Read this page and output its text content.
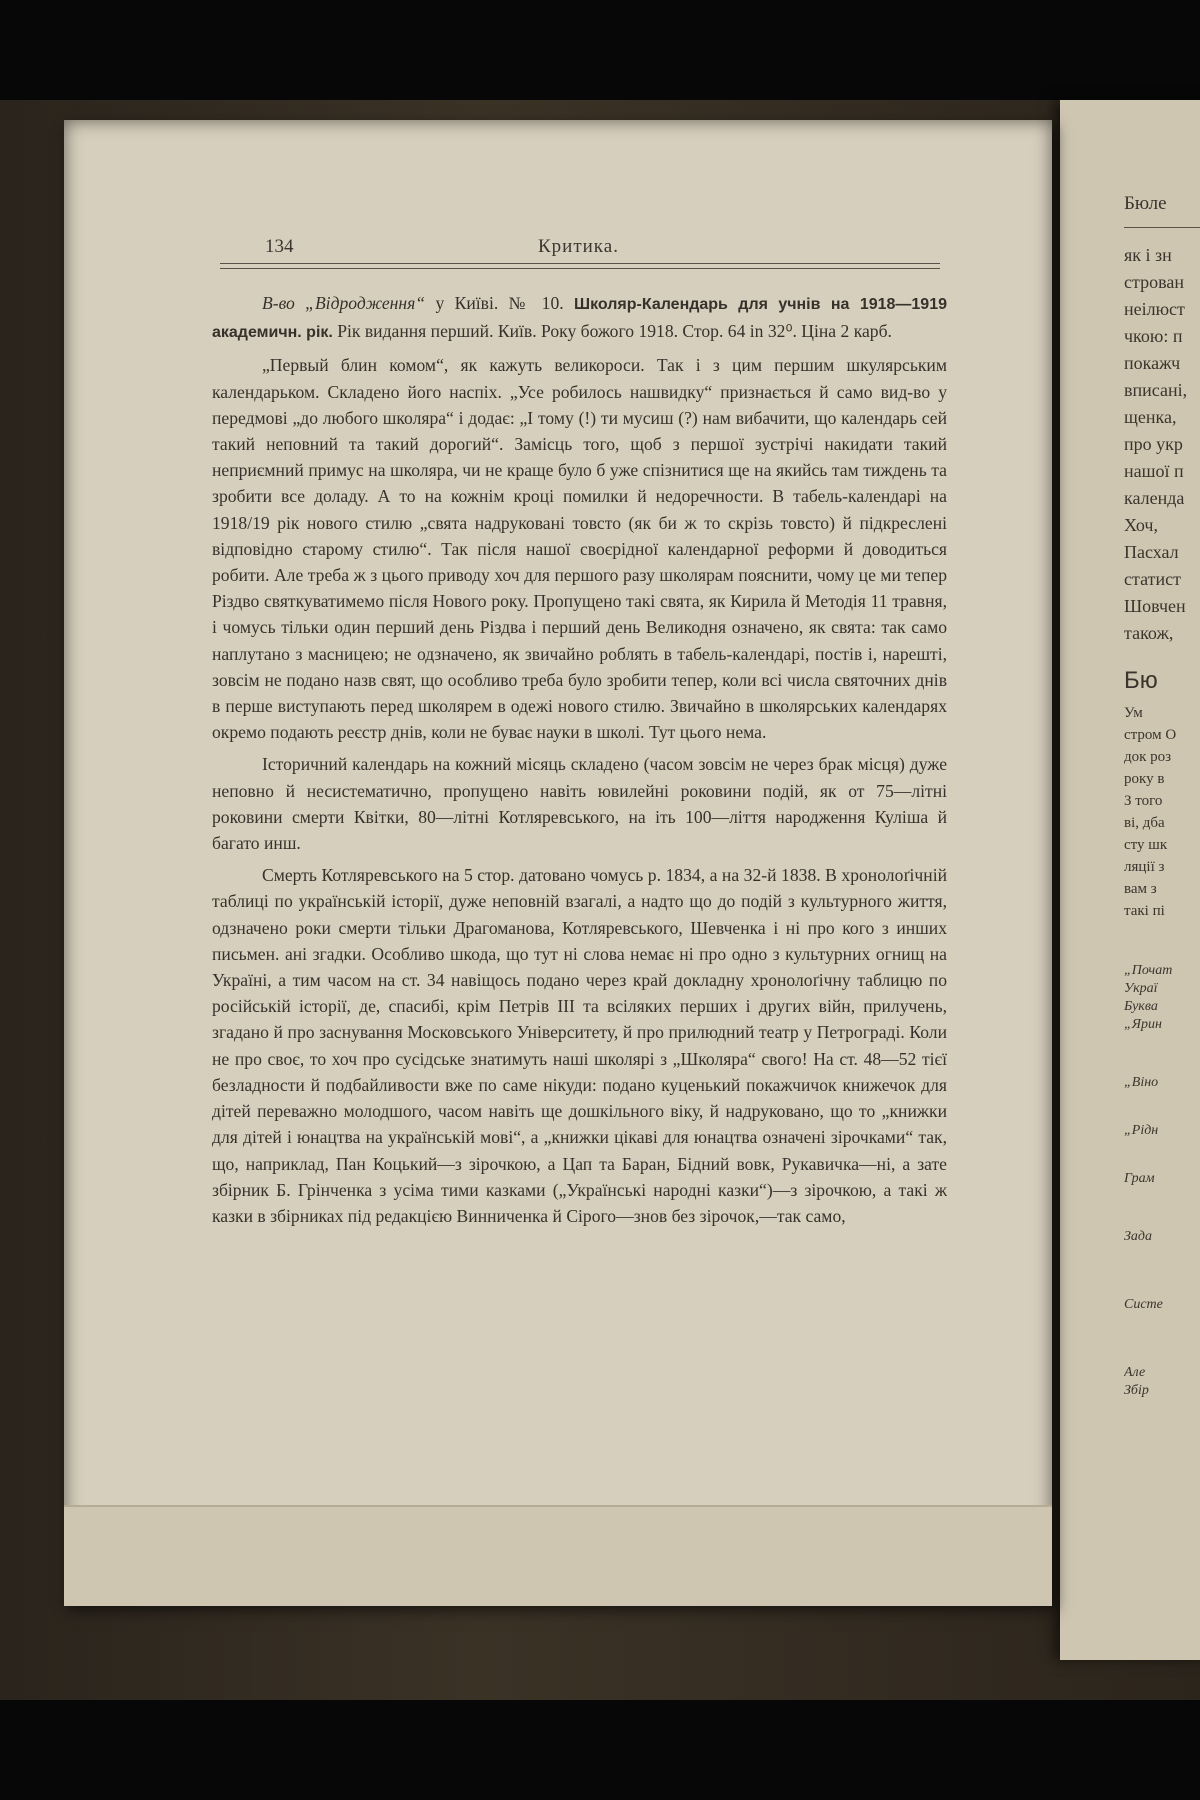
134	Критика.

В-во „Відродження“ у Київі. № 10. Школяр-Календарь для учнів на 1918—1919 академичн. рік. Рік видання перший. Київ. Року божого 1918. Стор. 64 in 32⁰. Ціна 2 карб.

„Первый блин комом“, як кажуть великороси. Так і з цим першим шкулярським календарьком. Складено його наспіх. „Усе робилось нашвидку“ признається й само вид-во у передмові „до любого школяра“ і додає: „І тому (!) ти мусиш (?) нам вибачити, що календарь сей такий неповний та такий дорогий“. Замісць того, щоб з першої зустрічі накидати такий неприємний примус на школяра, чи не краще було б уже спізнитися ще на якийсь там тиждень та зробити все доладу. А то на кожнім кроці помилки й недоречности. В табель-календарі на 1918/19 рік нового стилю „свята надруковані товсто (як би ж то скрізь товсто) й підкреслені відповідно старому стилю“. Так після нашої своєрідної календарної реформи й доводиться робити. Але треба ж з цього приводу хоч для першого разу школярам пояснити, чому це ми тепер Різдво святкуватимемо після Нового року. Пропущено такі свята, як Кирила й Методія 11 травня, і чомусь тільки один перший день Різдва і перший день Великодня означено, як свята: так само наплутано з масницею; не одзначено, як звичайно роблять в табель-календарі, постів і, нарешті, зовсім не подано назв свят, що особливо треба було зробити тепер, коли всі числа святочних днів в перше виступають перед школярем в одежі нового стилю. Звичайно в школярських календарях окремо подають реєстр днів, коли не буває науки в школі. Тут цього нема.

Історичний календарь на кожний місяць складено (часом зовсім не через брак місця) дуже неповно й несистематично, пропущено навіть ювилейні роковини подій, як от 75—літні роковини смерти Квітки, 80—літні Котляревського, на іть 100—ліття народження Куліша й багато инш.

Смерть Котляревського на 5 стор. датовано чомусь р. 1834, а на 32-й 1838. В хронолоґічній таблиці по українській історії, дуже неповній взагалі, а надто що до подій з культурного життя, одзначено роки смерти тільки Драгоманова, Котляревського, Шевченка і ні про кого з инших письмен. ані згадки. Особливо шкода, що тут ні слова немає ні про одно з культурних огнищ на Україні, а тим часом на ст. 34 навіщось подано через край докладну хронолоґічну таблицю по російській історії, де, спасибі, крім Петрів ІІІ та всіляких перших і других війн, прилучень, згадано й про заснування Московського Університету, й про прилюдний театр у Петрограді. Коли не про своє, то хоч про сусідське знатимуть наші школярі з „Школяра“ свого! На ст. 48—52 тієї безладности й подбайливости вже по саме нікуди: подано куценький покажчичок книжечок для дітей переважно молодшого, часом навіть ще дошкільного віку, й надруковано, що то „книжки для дітей і юнацтва на українській мові“, а „книжки цікаві для юнацтва означені зірочками“ так, що, наприклад, Пан Коцький—з зірочкою, а Цап та Баран, Бідний вовк, Рукавичка—ні, а зате збірник Б. Грінченка з усіма тими казками („Українські народні казки“)—з зірочкою, а такі ж казки в збірниках під редакцією Винниченка й Сірого—знов без зірочок,—так само,

Бюле
як і зн
строван
неілюст
чкою: п
покажч
вписані,
щенка,
про укр
нашої п
календа
Хоч,
Пасхал
статист
Шовчен
також,
Бю
Ум
стром О
док роз
року в
З того
ві, дба
сту шк
ляції з
вам з
такі пі
„Почат
Украї
Буква
„Ярин
„Віно
„Рідн
Грам
Зада
Систе
Але
Збір
